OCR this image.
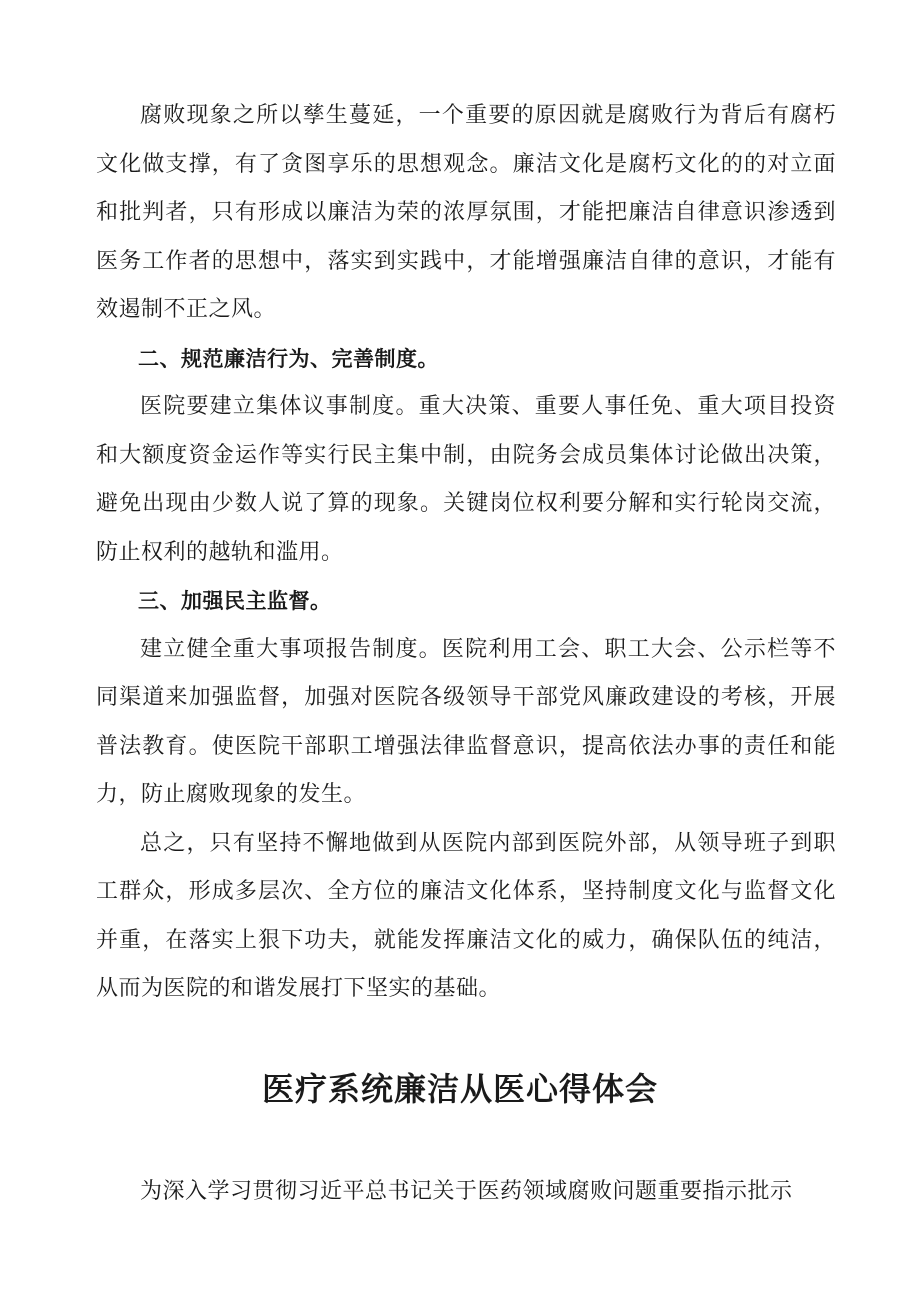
腐败现象之所以孳生蔓延，一个重要的原因就是腐败行为背后有腐朽文化做支撑，有了贪图享乐的思想观念。廉洁文化是腐朽文化的的对立面和批判者，只有形成以廉洁为荣的浓厚氛围，才能把廉洁自律意识渗透到医务工作者的思想中，落实到实践中，才能增强廉洁自律的意识，才能有效遏制不正之风。

二、规范廉洁行为、完善制度。

医院要建立集体议事制度。重大决策、重要人事任免、重大项目投资和大额度资金运作等实行民主集中制，由院务会成员集体讨论做出决策，避免出现由少数人说了算的现象。关键岗位权利要分解和实行轮岗交流，防止权利的越轨和滥用。

三、加强民主监督。

建立健全重大事项报告制度。医院利用工会、职工大会、公示栏等不同渠道来加强监督，加强对医院各级领导干部党风廉政建设的考核，开展普法教育。使医院干部职工增强法律监督意识，提高依法办事的责任和能力，防止腐败现象的发生。

总之，只有坚持不懈地做到从医院内部到医院外部，从领导班子到职工群众，形成多层次、全方位的廉洁文化体系，坚持制度文化与监督文化并重，在落实上狠下功夫，就能发挥廉洁文化的威力，确保队伍的纯洁，从而为医院的和谐发展打下坚实的基础。

医疗系统廉洁从医心得体会

为深入学习贯彻习近平总书记关于医药领域腐败问题重要指示批示
